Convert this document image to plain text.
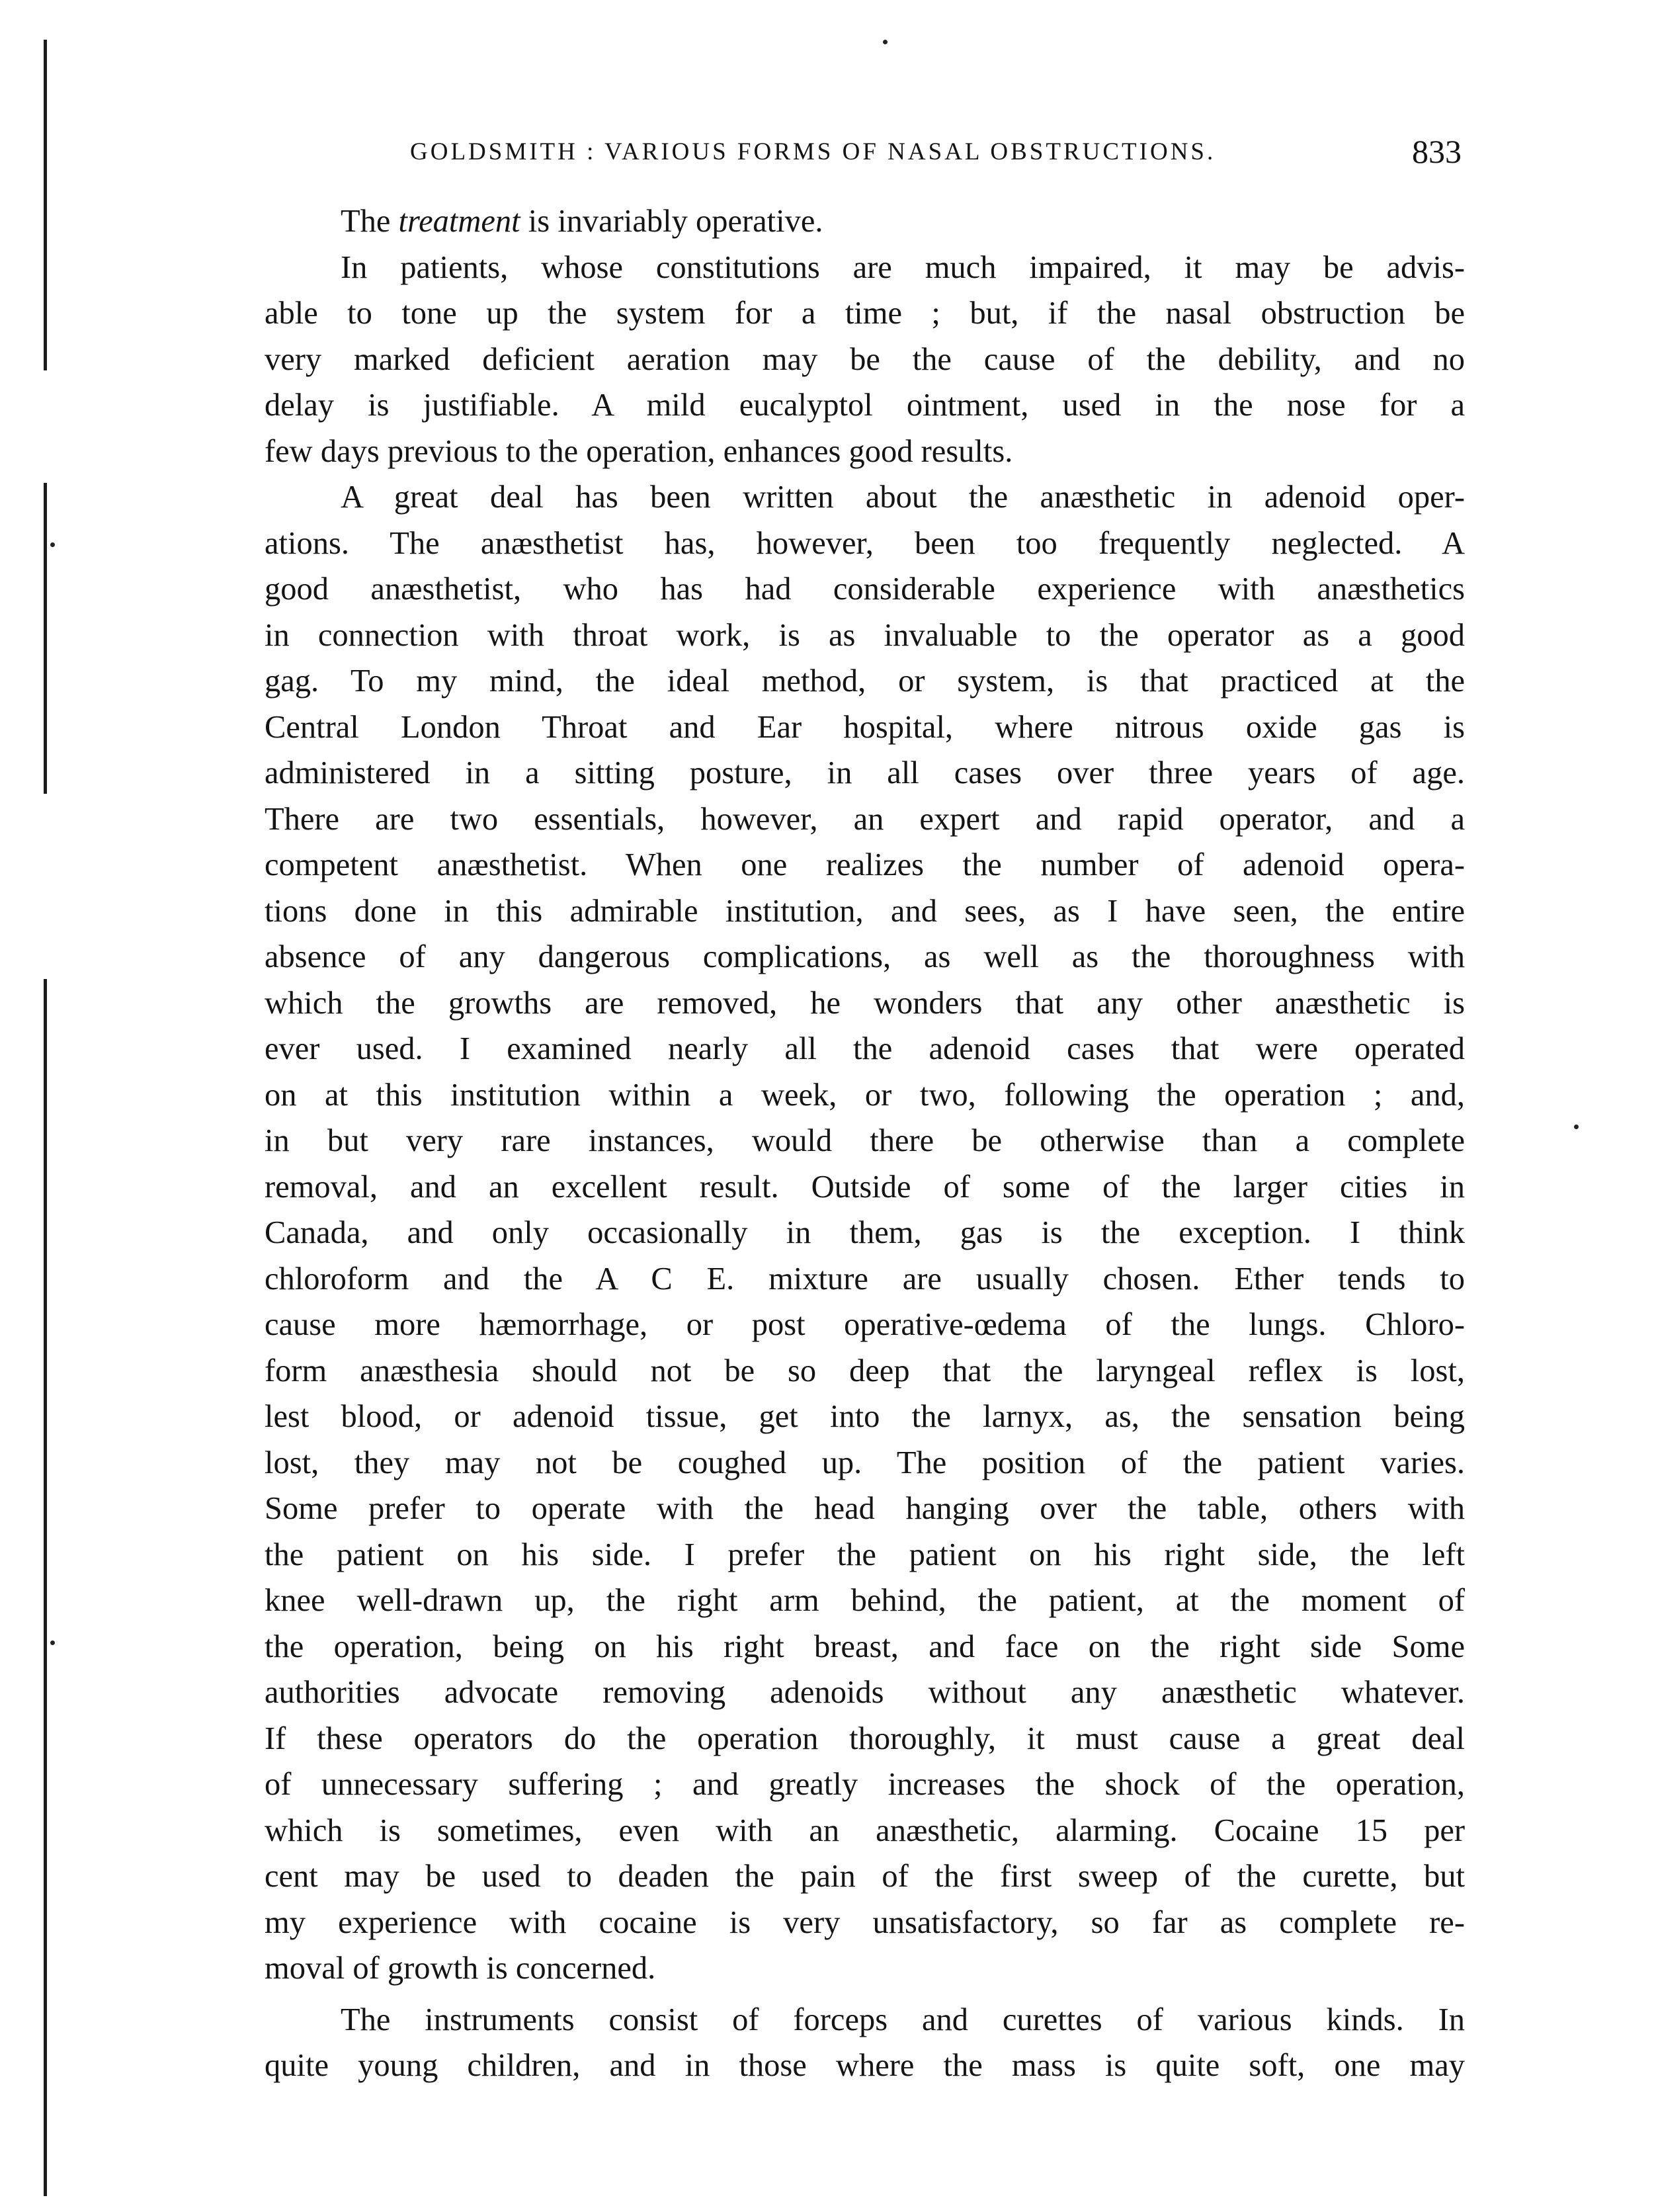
GOLDSMITH : VARIOUS FORMS OF NASAL OBSTRUCTIONS.	833
The treatment is invariably operative.
In patients, whose constitutions are much impaired, it may be advis-
able to tone up the system for a time ; but, if the nasal obstruction be
very marked deficient aeration may be the cause of the debility, and no
delay is justifiable. A mild eucalyptol ointment, used in the nose for a
few days previous to the operation, enhances good results.
A great deal has been written about the anæsthetic in adenoid oper-
ations. The anæsthetist has, however, been too frequently neglected. A
good anæsthetist, who has had considerable experience with anæsthetics
in connection with throat work, is as invaluable to the operator as a good
gag. To my mind, the ideal method, or system, is that practiced at the
Central London Throat and Ear hospital, where nitrous oxide gas is
administered in a sitting posture, in all cases over three years of age.
There are two essentials, however, an expert and rapid operator, and a
competent anæsthetist. When one realizes the number of adenoid opera-
tions done in this admirable institution, and sees, as I have seen, the entire
absence of any dangerous complications, as well as the thoroughness with
which the growths are removed, he wonders that any other anæsthetic is
ever used. I examined nearly all the adenoid cases that were operated
on at this institution within a week, or two, following the operation ; and,
in but very rare instances, would there be otherwise than a complete
removal, and an excellent result. Outside of some of the larger cities in
Canada, and only occasionally in them, gas is the exception. I think
chloroform and the A C E. mixture are usually chosen. Ether tends to
cause more hæmorrhage, or post operative-œdema of the lungs. Chloro-
form anæsthesia should not be so deep that the laryngeal reflex is lost,
lest blood, or adenoid tissue, get into the larnyx, as, the sensation being
lost, they may not be coughed up. The position of the patient varies.
Some prefer to operate with the head hanging over the table, others with
the patient on his side. I prefer the patient on his right side, the left
knee well-drawn up, the right arm behind, the patient, at the moment of
the operation, being on his right breast, and face on the right side Some
authorities advocate removing adenoids without any anæsthetic whatever.
If these operators do the operation thoroughly, it must cause a great deal
of unnecessary suffering ; and greatly increases the shock of the operation,
which is sometimes, even with an anæsthetic, alarming. Cocaine 15 per
cent may be used to deaden the pain of the first sweep of the curette, but
my experience with cocaine is very unsatisfactory, so far as complete re-
moval of growth is concerned.
The instruments consist of forceps and curettes of various kinds. In
quite young children, and in those where the mass is quite soft, one may
